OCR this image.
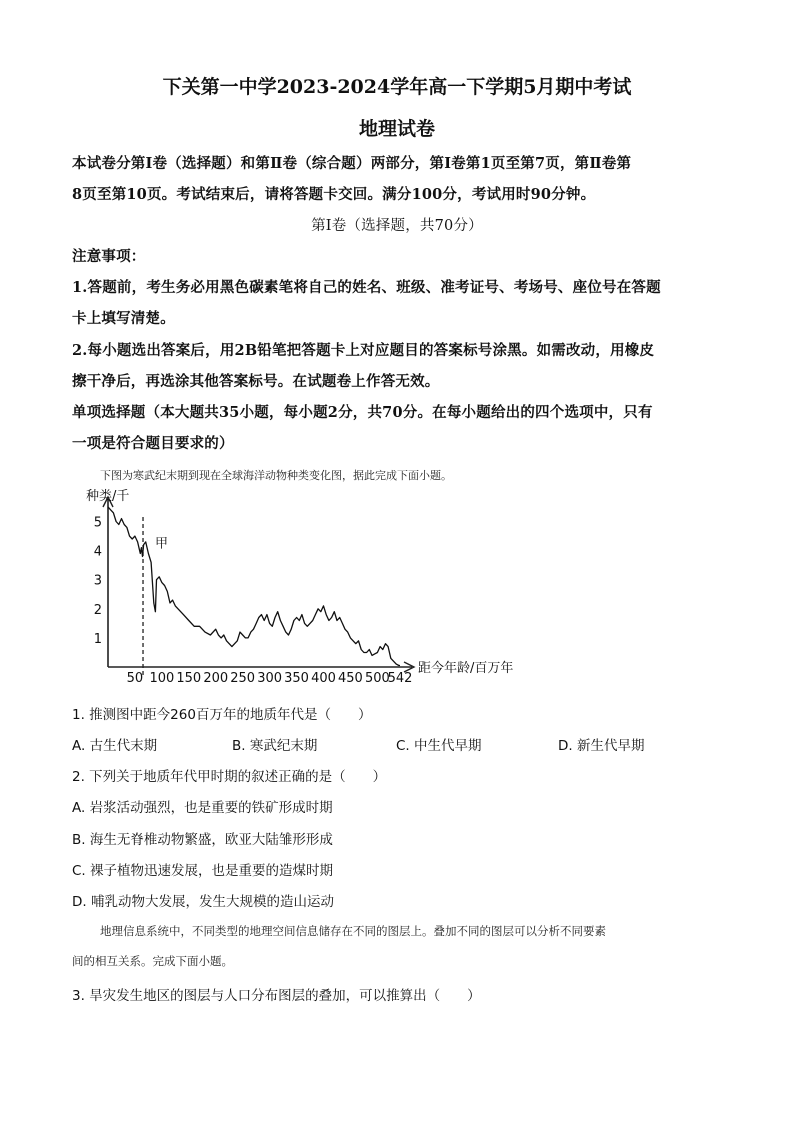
下关第一中学2023-2024学年高一下学期5月期中考试
地理试卷
本试卷分第Ⅰ卷（选择题）和第Ⅱ卷（综合题）两部分，第Ⅰ卷第1页至第7页，第Ⅱ卷第
8页至第10页。考试结束后，请将答题卡交回。满分100分，考试用时90分钟。
第Ⅰ卷（选择题，共70分）
注意事项：
1.答题前，考生务必用黑色碳素笔将自己的姓名、班级、准考证号、考场号、座位号在答题
卡上填写清楚。
2.每小题选出答案后，用2B铅笔把答题卡上对应题目的答案标号涂黑。如需改动，用橡皮
擦干净后，再选涂其他答案标号。在试题卷上作答无效。
单项选择题（本大题共35小题，每小题2分，共70分。在每小题给出的四个选项中，只有
一项是符合题目要求的）
下图为寒武纪末期到现在全球海洋动物种类变化图，据此完成下面小题。
1
2
3
4
5
50 100 150 200 250 300 350 400 450 500
542
种类/千
距今年龄/百万年
甲
1. 推测图中距今260百万年的地质年代是（　　）
A. 古生代末期	B. 寒武纪末期	C. 中生代早期	D. 新生代早期
2. 下列关于地质年代甲时期的叙述正确的是（　　）
A. 岩浆活动强烈，也是重要的铁矿形成时期
B. 海生无脊椎动物繁盛，欧亚大陆雏形形成
C. 裸子植物迅速发展，也是重要的造煤时期
D. 哺乳动物大发展，发生大规模的造山运动
地理信息系统中，不同类型的地理空间信息储存在不同的图层上。叠加不同的图层可以分析不同要素
间的相互关系。完成下面小题。
3. 旱灾发生地区的图层与人口分布图层的叠加，可以推算出（　　）
